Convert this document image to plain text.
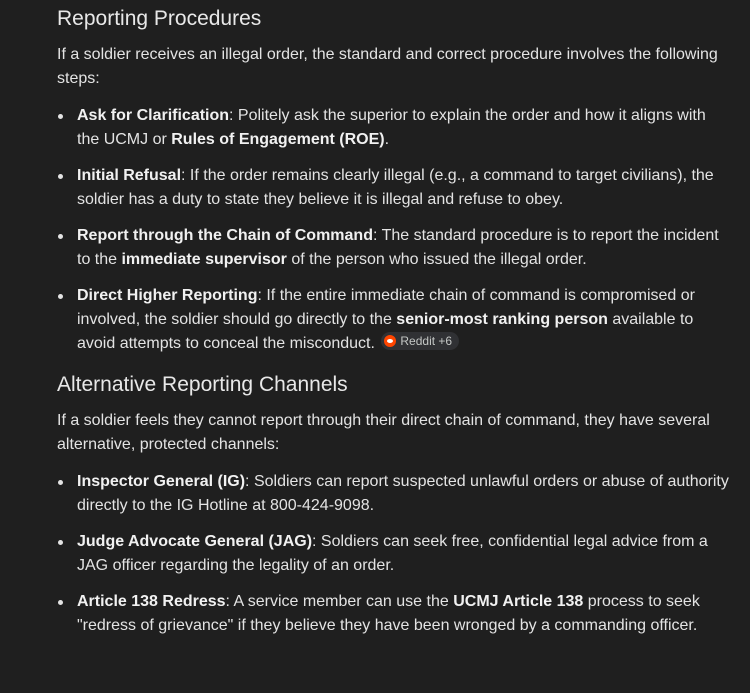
Reporting Procedures

If a soldier receives an illegal order, the standard and correct procedure involves the following steps:

Ask for Clarification: Politely ask the superior to explain the order and how it aligns with the UCMJ or Rules of Engagement (ROE).
Initial Refusal: If the order remains clearly illegal (e.g., a command to target civilians), the soldier has a duty to state they believe it is illegal and refuse to obey.
Report through the Chain of Command: The standard procedure is to report the incident to the immediate supervisor of the person who issued the illegal order.
Direct Higher Reporting: If the entire immediate chain of command is compromised or involved, the soldier should go directly to the senior-most ranking person available to avoid attempts to conceal the misconduct. Reddit +6
Alternative Reporting Channels

If a soldier feels they cannot report through their direct chain of command, they have several alternative, protected channels:

Inspector General (IG): Soldiers can report suspected unlawful orders or abuse of authority directly to the IG Hotline at 800-424-9098.
Judge Advocate General (JAG): Soldiers can seek free, confidential legal advice from a JAG officer regarding the legality of an order.
Article 138 Redress: A service member can use the UCMJ Article 138 process to seek "redress of grievance" if they believe they have been wronged by a commanding officer.
